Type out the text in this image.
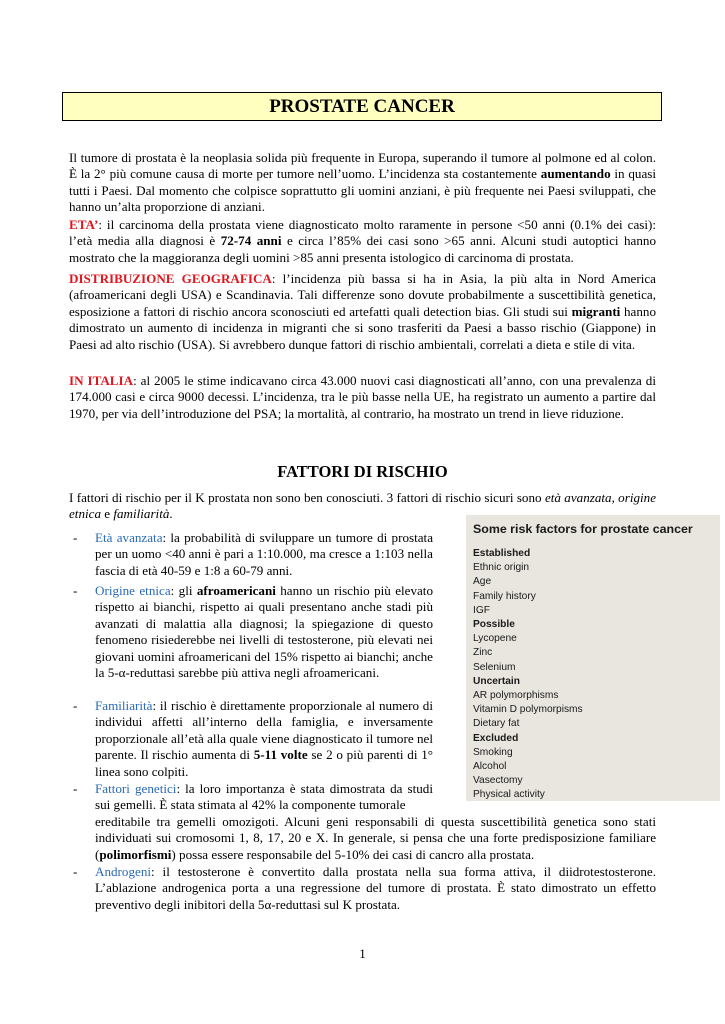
PROSTATE CANCER

Il tumore di prostata è la neoplasia solida più frequente in Europa, superando il tumore al polmone ed al colon. È la 2° più comune causa di morte per tumore nell’uomo. L’incidenza sta costantemente aumentando in quasi tutti i Paesi. Dal momento che colpisce soprattutto gli uomini anziani, è più frequente nei Paesi sviluppati, che hanno un’alta proporzione di anziani.

ETA’: il carcinoma della prostata viene diagnosticato molto raramente in persone <50 anni (0.1% dei casi): l’età media alla diagnosi è 72-74 anni e circa l’85% dei casi sono >65 anni. Alcuni studi autoptici hanno mostrato che la maggioranza degli uomini >85 anni presenta istologico di carcinoma di prostata.

DISTRIBUZIONE GEOGRAFICA: l’incidenza più bassa si ha in Asia, la più alta in Nord America (afroamericani degli USA) e Scandinavia. Tali differenze sono dovute probabilmente a suscettibilità genetica, esposizione a fattori di rischio ancora sconosciuti ed artefatti quali detection bias. Gli studi sui migranti hanno dimostrato un aumento di incidenza in migranti che si sono trasferiti da Paesi a basso rischio (Giappone) in Paesi ad alto rischio (USA). Si avrebbero dunque fattori di rischio ambientali, correlati a dieta e stile di vita.

IN ITALIA: al 2005 le stime indicavano circa 43.000 nuovi casi diagnosticati all’anno, con una prevalenza di 174.000 casi e circa 9000 decessi. L’incidenza, tra le più basse nella UE, ha registrato un aumento a partire dal 1970, per via dell’introduzione del PSA; la mortalità, al contrario, ha mostrato un trend in lieve riduzione.

FATTORI DI RISCHIO

I fattori di rischio per il K prostata non sono ben conosciuti. 3 fattori di rischio sicuri sono età avanzata, origine etnica e familiarità.

- Età avanzata: la probabilità di sviluppare un tumore di prostata per un uomo <40 anni è pari a 1:10.000, ma cresce a 1:103 nella fascia di età 40-59 e 1:8 a 60-79 anni.

- Origine etnica: gli afroamericani hanno un rischio più elevato rispetto ai bianchi, rispetto ai quali presentano anche stadi più avanzati di malattia alla diagnosi; la spiegazione di questo fenomeno risiederebbe nei livelli di testosterone, più elevati nei giovani uomini afroamericani del 15% rispetto ai bianchi; anche la 5-α-reduttasi sarebbe più attiva negli afroamericani.

- Familiarità: il rischio è direttamente proporzionale al numero di individui affetti all’interno della famiglia, e inversamente proporzionale all’età alla quale viene diagnosticato il tumore nel parente. Il rischio aumenta di 5-11 volte se 2 o più parenti di 1° linea sono colpiti.

- Fattori genetici: la loro importanza è stata dimostrata da studi sui gemelli. È stata stimata al 42% la componente tumorale

ereditabile tra gemelli omozigoti. Alcuni geni responsabili di questa suscettibilità genetica sono stati individuati sui cromosomi 1, 8, 17, 20 e X. In generale, si pensa che una forte predisposizione familiare (polimorfismi) possa essere responsabile del 5-10% dei casi di cancro alla prostata.

- Androgeni: il testosterone è convertito dalla prostata nella sua forma attiva, il diidrotestosterone. L’ablazione androgenica porta a una regressione del tumore di prostata. È stato dimostrato un effetto preventivo degli inibitori della 5α-reduttasi sul K prostata.

Some risk factors for prostate cancer
Established
Ethnic origin
Age
Family history
IGF
Possible
Lycopene
Zinc
Selenium
Uncertain
AR polymorphisms
Vitamin D polymorpisms
Dietary fat
Excluded
Smoking
Alcohol
Vasectomy
Physical activity
1
